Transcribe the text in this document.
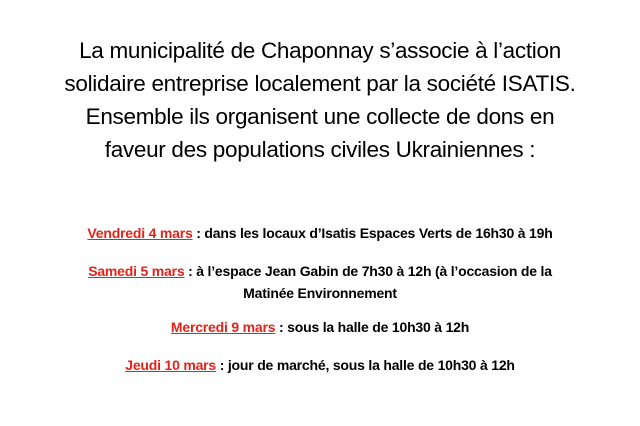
La municipalité de Chaponnay s’associe à l’action
solidaire entreprise localement par la société ISATIS.
Ensemble ils organisent une collecte de dons en
faveur des populations civiles Ukrainiennes :

Vendredi 4 mars : dans les locaux d’Isatis Espaces Verts de 16h30 à 19h

Samedi 5 mars : à l’espace Jean Gabin de 7h30 à 12h (à l’occasion de la
Matinée Environnement

Mercredi 9 mars : sous la halle de 10h30 à 12h

Jeudi 10 mars : jour de marché, sous la halle de 10h30 à 12h
